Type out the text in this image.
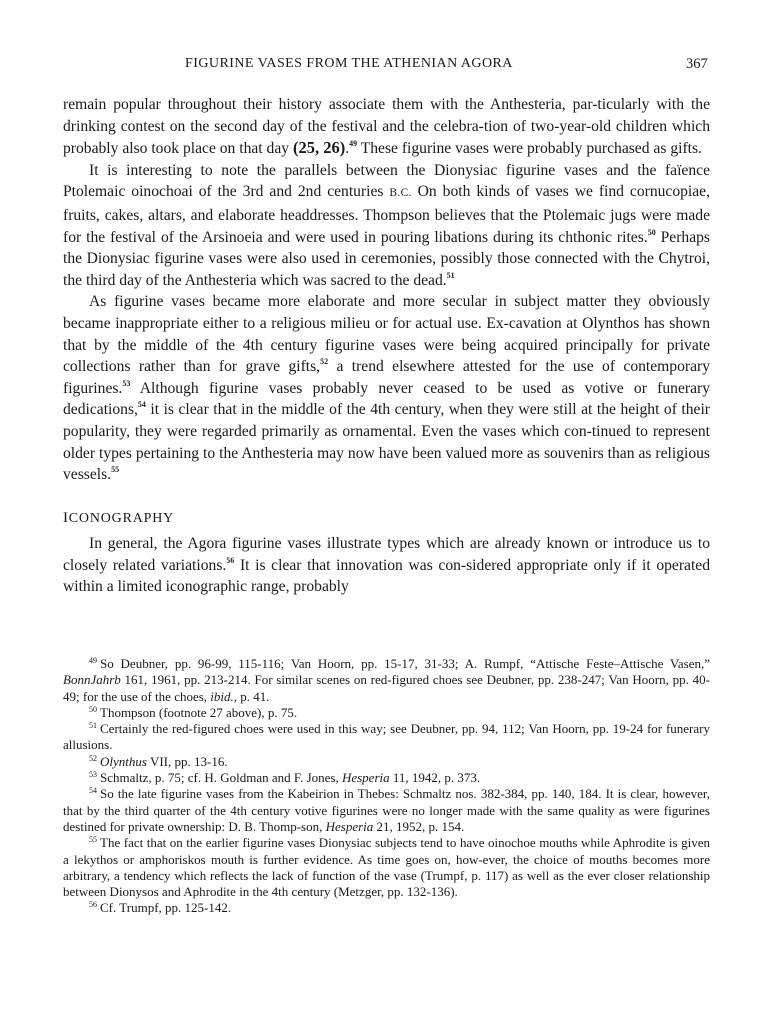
FIGURINE VASES FROM THE ATHENIAN AGORA	367

remain popular throughout their history associate them with the Anthesteria, par-ticularly with the drinking contest on the second day of the festival and the celebra-tion of two-year-old children which probably also took place on that day (25, 26).$^{49}$ These figurine vases were probably purchased as gifts.

It is interesting to note the parallels between the Dionysiac figurine vases and the faïence Ptolemaic oinochoai of the 3rd and 2nd centuries B.C. On both kinds of vases we find cornucopiae, fruits, cakes, altars, and elaborate headdresses. Thompson believes that the Ptolemaic jugs were made for the festival of the Arsinoeia and were used in pouring libations during its chthonic rites.$^{50}$ Perhaps the Dionysiac figurine vases were also used in ceremonies, possibly those connected with the Chytroi, the third day of the Anthesteria which was sacred to the dead.$^{51}$

As figurine vases became more elaborate and more secular in subject matter they obviously became inappropriate either to a religious milieu or for actual use. Ex-cavation at Olynthos has shown that by the middle of the 4th century figurine vases were being acquired principally for private collections rather than for grave gifts,$^{52}$ a trend elsewhere attested for the use of contemporary figurines.$^{53}$ Although figurine vases probably never ceased to be used as votive or funerary dedications,$^{54}$ it is clear that in the middle of the 4th century, when they were still at the height of their popularity, they were regarded primarily as ornamental. Even the vases which con-tinued to represent older types pertaining to the Anthesteria may now have been valued more as souvenirs than as religious vessels.$^{55}$

ICONOGRAPHY

In general, the Agora figurine vases illustrate types which are already known or introduce us to closely related variations.$^{56}$ It is clear that innovation was con-sidered appropriate only if it operated within a limited iconographic range, probably

$^{49}$ So Deubner, pp. 96-99, 115-116; Van Hoorn, pp. 15-17, 31-33; A. Rumpf, “Attische Feste–Attische Vasen,” BonnJahrb 161, 1961, pp. 213-214. For similar scenes on red-figured choes see Deubner, pp. 238-247; Van Hoorn, pp. 40-49; for the use of the choes, ibid., p. 41.

$^{50}$ Thompson (footnote 27 above), p. 75.

$^{51}$ Certainly the red-figured choes were used in this way; see Deubner, pp. 94, 112; Van Hoorn, pp. 19-24 for funerary allusions.

$^{52}$ Olynthus VII, pp. 13-16.

$^{53}$ Schmaltz, p. 75; cf. H. Goldman and F. Jones, Hesperia 11, 1942, p. 373.

$^{54}$ So the late figurine vases from the Kabeirion in Thebes: Schmaltz nos. 382-384, pp. 140, 184. It is clear, however, that by the third quarter of the 4th century votive figurines were no longer made with the same quality as were figurines destined for private ownership: D. B. Thomp-son, Hesperia 21, 1952, p. 154.

$^{55}$ The fact that on the earlier figurine vases Dionysiac subjects tend to have oinochoe mouths while Aphrodite is given a lekythos or amphoriskos mouth is further evidence. As time goes on, how-ever, the choice of mouths becomes more arbitrary, a tendency which reflects the lack of function of the vase (Trumpf, p. 117) as well as the ever closer relationship between Dionysos and Aphrodite in the 4th century (Metzger, pp. 132-136).

$^{56}$ Cf. Trumpf, pp. 125-142.
